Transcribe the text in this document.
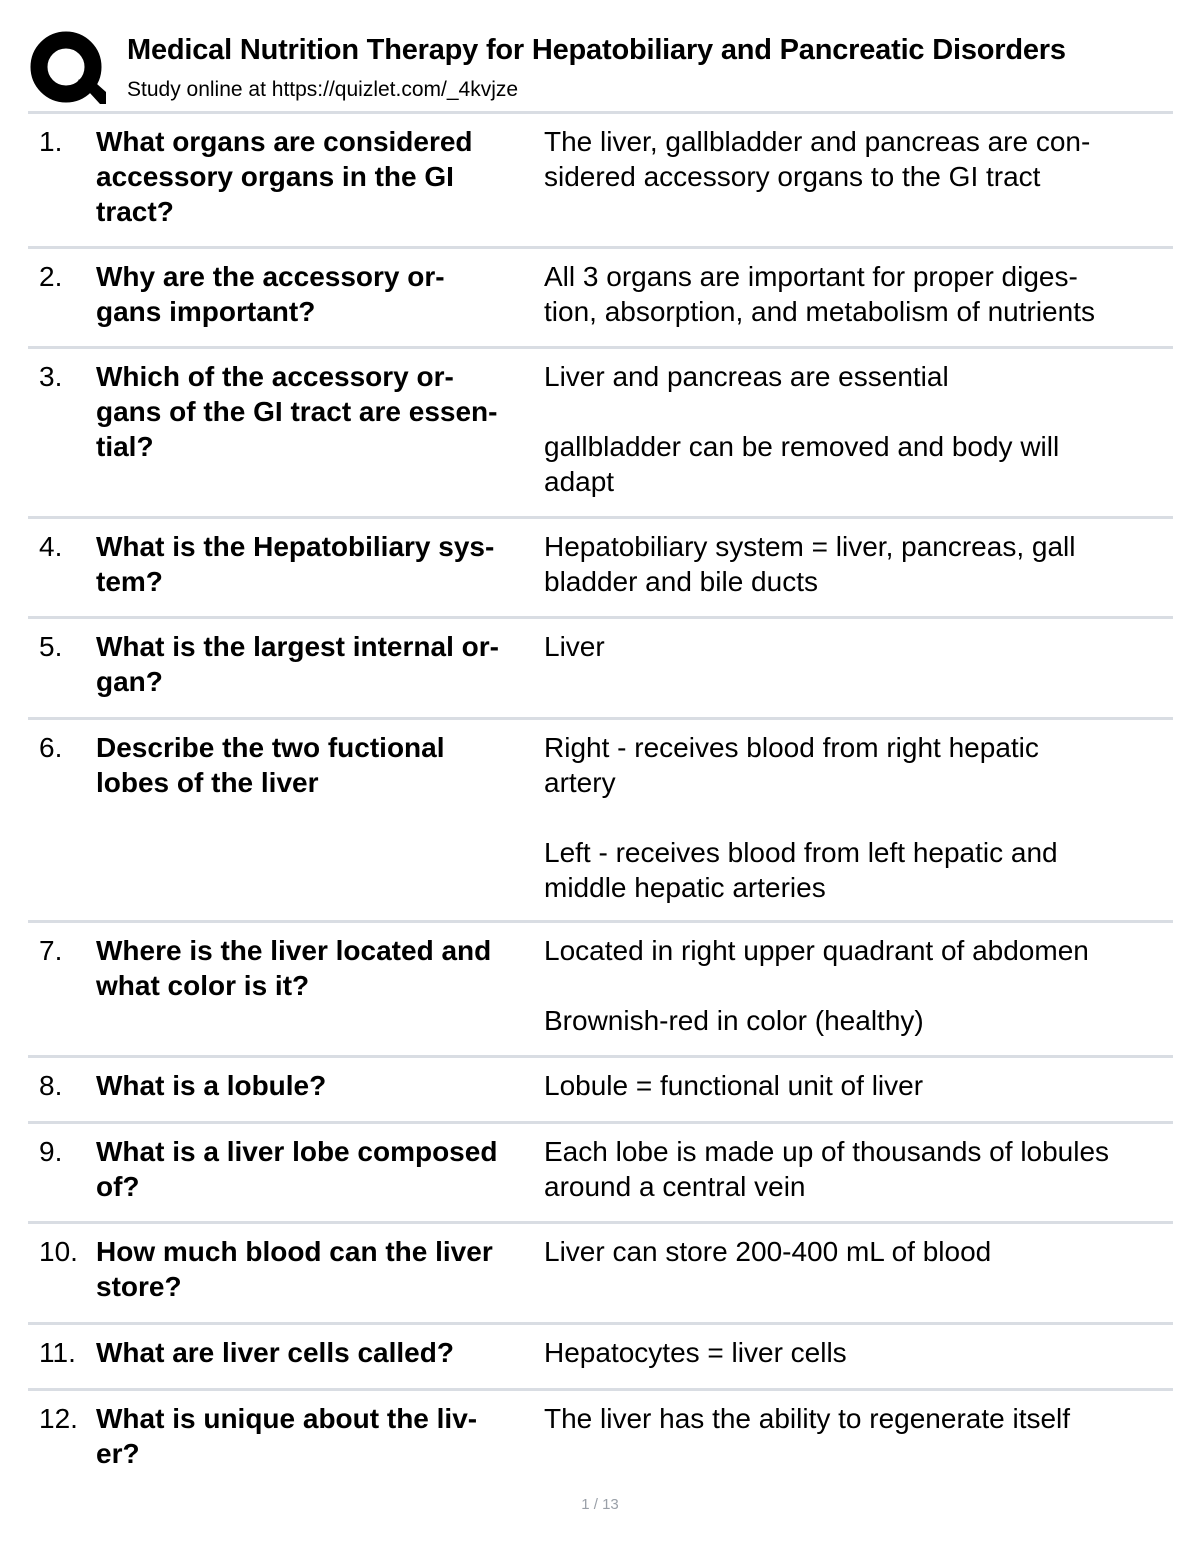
Medical Nutrition Therapy for Hepatobiliary and Pancreatic Disorders
Study online at https://quizlet.com/_4kvjze
1. What organs are considered
accessory organs in the GI
tract?
The liver, gallbladder and pancreas are con-
sidered accessory organs to the GI tract
2. Why are the accessory or-
gans important?
All 3 organs are important for proper diges-
tion, absorption, and metabolism of nutrients
3. Which of the accessory or-
gans of the GI tract are essen-
tial?
Liver and pancreas are essential
gallbladder can be removed and body will
adapt
4. What is the Hepatobiliary sys-
tem?
Hepatobiliary system = liver, pancreas, gall
bladder and bile ducts
5. What is the largest internal or-
gan?
Liver
6. Describe the two fuctional
lobes of the liver
Right - receives blood from right hepatic
artery
Left - receives blood from left hepatic and
middle hepatic arteries
7. Where is the liver located and
what color is it?
Located in right upper quadrant of abdomen
Brownish-red in color (healthy)
8. What is a lobule?	Lobule = functional unit of liver
9. What is a liver lobe composed
of?
Each lobe is made up of thousands of lobules
around a central vein
10. How much blood can the liver
store?
Liver can store 200-400 mL of blood
11. What are liver cells called?	Hepatocytes = liver cells
12. What is unique about the liv-
er?
The liver has the ability to regenerate itself
1 / 13
